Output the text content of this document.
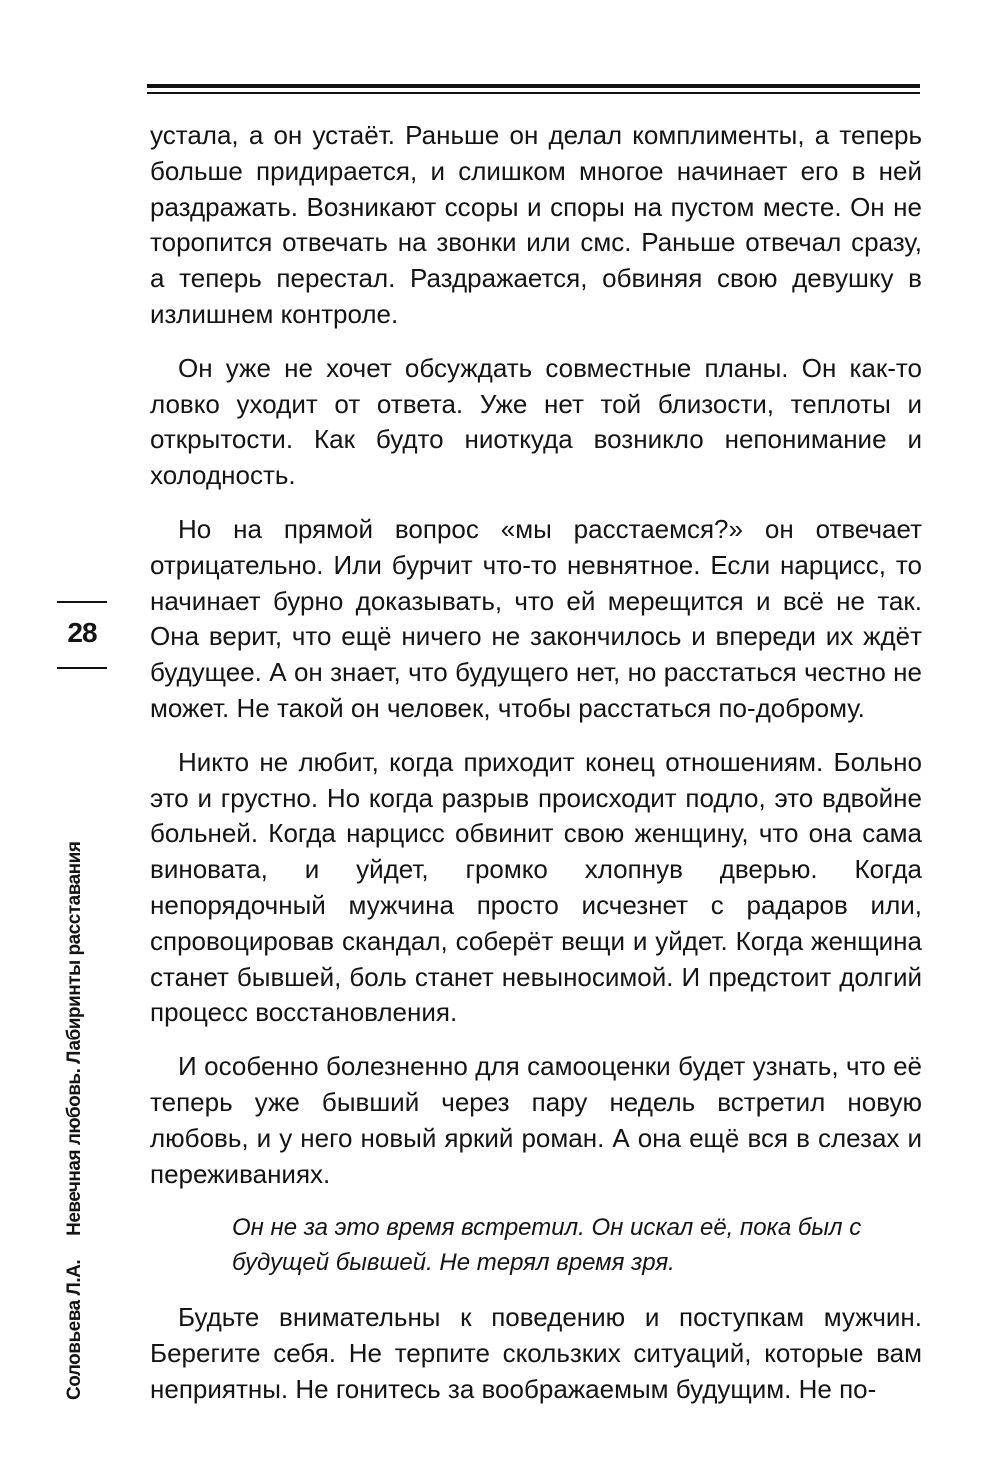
28
Соловьева Л.А.Невечная любовь. Лабиринты расставания

устала, а он устаёт. Раньше он делал комплименты, а теперь больше придирается, и слишком многое начинает его в ней раздражать. Возникают ссоры и споры на пустом месте. Он не торопится отвечать на звонки или смс. Раньше отвечал сразу, а теперь перестал. Раздражается, обвиняя свою девушку в излишнем контроле.

Он уже не хочет обсуждать совместные планы. Он как-то ловко уходит от ответа. Уже нет той близости, теплоты и открытости. Как будто ниоткуда возникло непонимание и холодность.

Но на прямой вопрос «мы расстаемся?» он отвечает отрицательно. Или бурчит что-то невнятное. Если нарцисс, то начинает бурно доказывать, что ей мерещится и всё не так. Она верит, что ещё ничего не закончилось и впереди их ждёт будущее. А он знает, что будущего нет, но расстаться честно не может. Не такой он человек, чтобы расстаться по-доброму.

Никто не любит, когда приходит конец отношениям. Больно это и грустно. Но когда разрыв происходит подло, это вдвойне больней. Когда нарцисс обвинит свою женщину, что она сама виновата, и уйдет, громко хлопнув дверью. Когда непорядочный мужчина просто исчезнет с радаров или, спровоцировав скандал, соберёт вещи и уйдет. Когда женщина станет бывшей, боль станет невыносимой. И предстоит долгий процесс восстановления.

И особенно болезненно для самооценки будет узнать, что её теперь уже бывший через пару недель встретил новую любовь, и у него новый яркий роман. А она ещё вся в слезах и переживаниях.

Он не за это время встретил. Он искал её, пока был с будущей бывшей. Не терял время зря.

Будьте внимательны к поведению и поступкам мужчин. Берегите себя. Не терпите скользких ситуаций, которые вам неприятны. Не гонитесь за воображаемым будущим. Не по-
